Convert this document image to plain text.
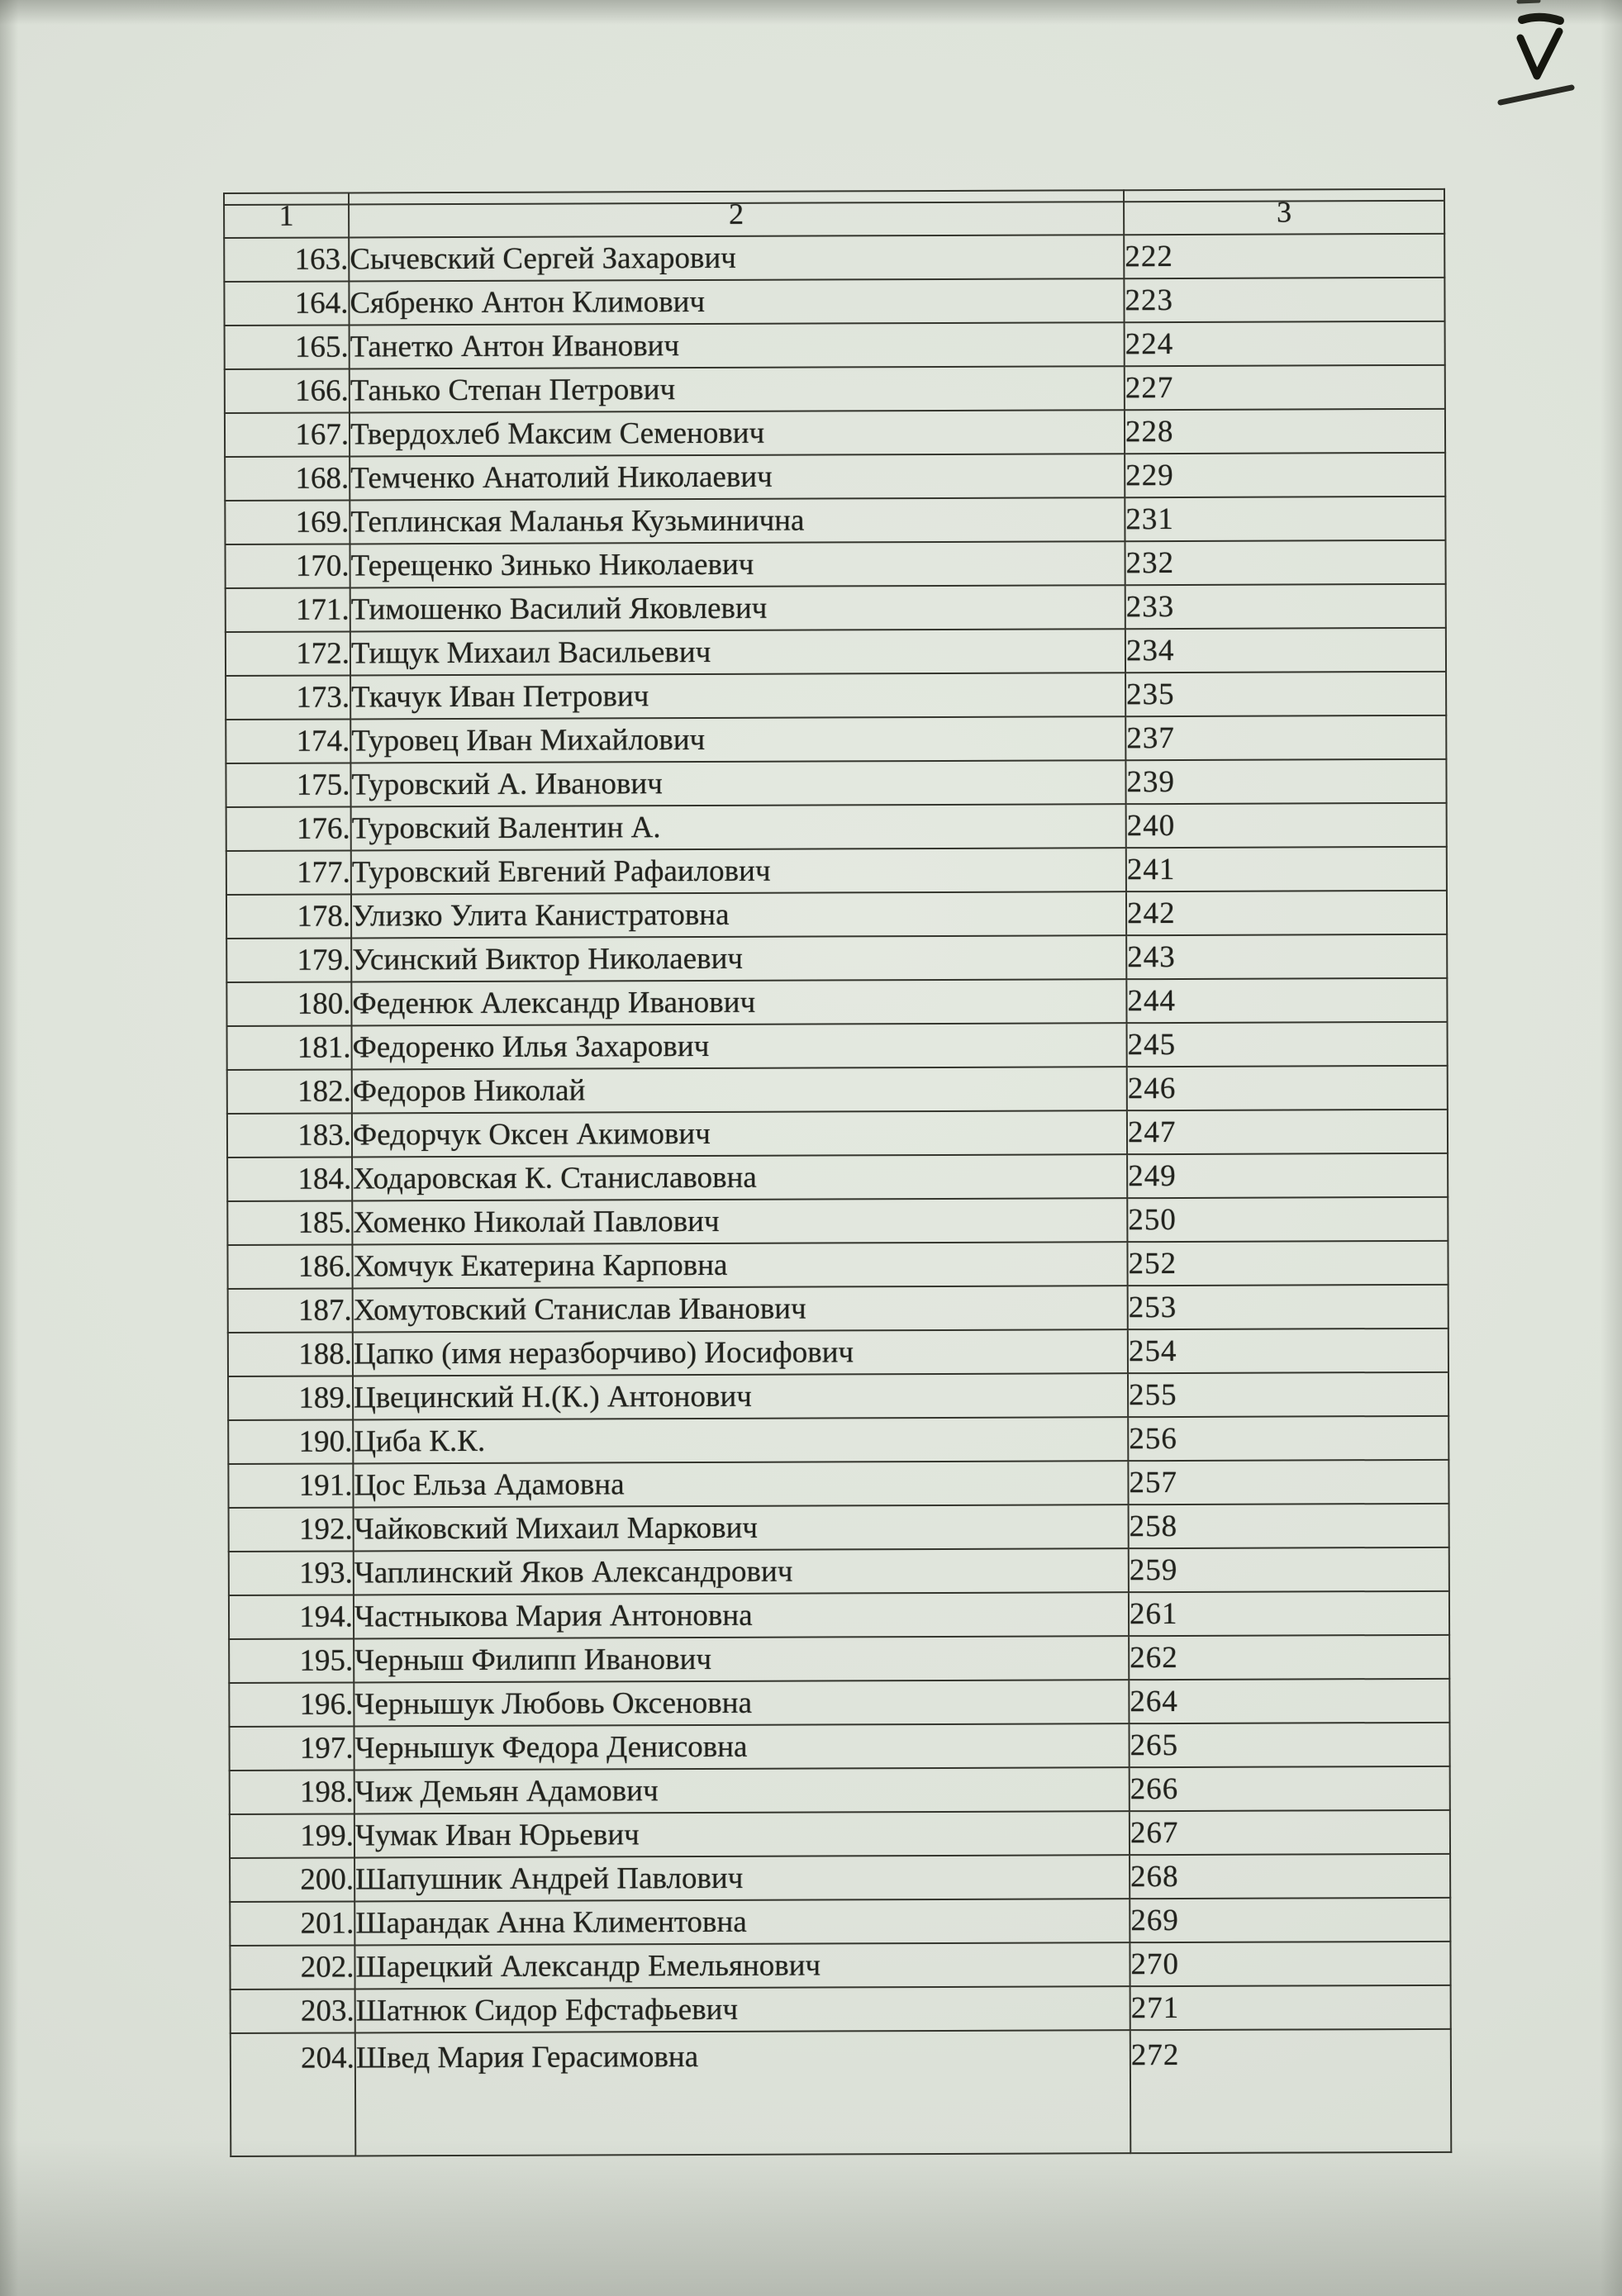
1	2	3
163.	Сычевский Сергей Захарович	222
164.	Сябренко Антон Климович	223
165.	Танетко Антон Иванович	224
166.	Танько Степан Петрович	227
167.	Твердохлеб Максим Семенович	228
168.	Темченко Анатолий Николаевич	229
169.	Теплинская Маланья Кузьминична	231
170.	Терещенко Зинько Николаевич	232
171.	Тимошенко Василий Яковлевич	233
172.	Тищук Михаил Васильевич	234
173.	Ткачук Иван Петрович	235
174.	Туровец Иван Михайлович	237
175.	Туровский А. Иванович	239
176.	Туровский Валентин А.	240
177.	Туровский Евгений Рафаилович	241
178.	Улизко Улита Канистратовна	242
179.	Усинский Виктор Николаевич	243
180.	Феденюк Александр Иванович	244
181.	Федоренко Илья Захарович	245
182.	Федоров Николай	246
183.	Федорчук Оксен Акимович	247
184.	Ходаровская К. Станиславовна	249
185.	Хоменко Николай Павлович	250
186.	Хомчук Екатерина Карповна	252
187.	Хомутовский Станислав Иванович	253
188.	Цапко (имя неразборчиво) Иосифович	254
189.	Цвецинский Н.(К.) Антонович	255
190.	Циба К.К.	256
191.	Цос Ельза Адамовна	257
192.	Чайковский Михаил Маркович	258
193.	Чаплинский Яков Александрович	259
194.	Частныкова Мария Антоновна	261
195.	Черныш Филипп Иванович	262
196.	Чернышук Любовь Оксеновна	264
197.	Чернышук Федора Денисовна	265
198.	Чиж Демьян Адамович	266
199.	Чумак Иван Юрьевич	267
200.	Шапушник Андрей Павлович	268
201.	Шарандак Анна Климентовна	269
202.	Шарецкий Александр Емельянович	270
203.	Шатнюк Сидор Ефстафьевич	271
204.	Швед Мария Герасимовна	272
